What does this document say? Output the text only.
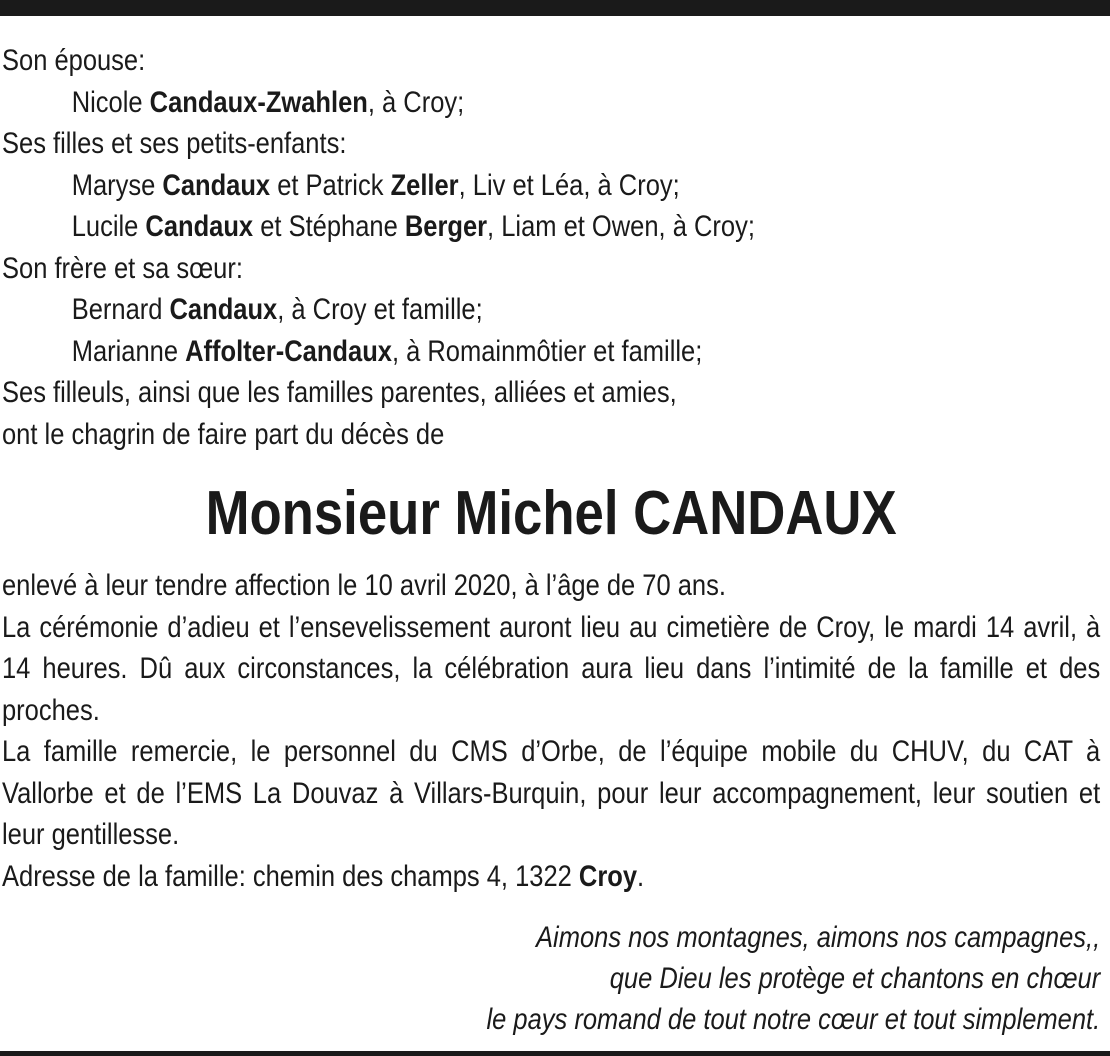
Son épouse:
Nicole Candaux-Zwahlen, à Croy;
Ses filles et ses petits-enfants:
Maryse Candaux et Patrick Zeller, Liv et Léa, à Croy;
Lucile Candaux et Stéphane Berger, Liam et Owen, à Croy;
Son frère et sa sœur:
Bernard Candaux, à Croy et famille;
Marianne Affolter-Candaux, à Romainmôtier et famille;
Ses filleuls, ainsi que les familles parentes, alliées et amies,
ont le chagrin de faire part du décès de
Monsieur Michel CANDAUX
enlevé à leur tendre affection le 10 avril 2020, à l’âge de 70 ans.
La cérémonie d’adieu et l’ensevelissement auront lieu au cimetière de Croy, le mardi 14 avril, à 14 heures. Dû aux circonstances, la célébration aura lieu dans l’intimité de la famille et des proches.
La famille remercie, le personnel du CMS d’Orbe, de l’équipe mobile du CHUV, du CAT à Vallorbe et de l’EMS La Douvaz à Villars-Burquin, pour leur accompagnement, leur soutien et leur gentillesse.
Adresse de la famille: chemin des champs 4, 1322 Croy.
Aimons nos montagnes, aimons nos campagnes,,
que Dieu les protège et chantons en chœur
le pays romand de tout notre cœur et tout simplement.
